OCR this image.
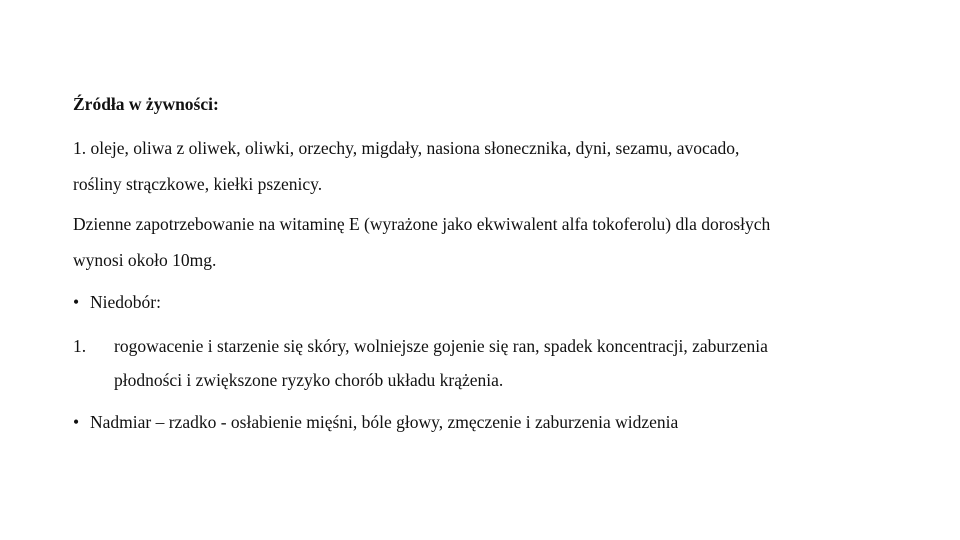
Źródła w żywności:
1. oleje, oliwa z oliwek, oliwki, orzechy, migdały, nasiona słonecznika, dyni, sezamu, avocado,
rośliny strączkowe, kiełki pszenicy.
Dzienne zapotrzebowanie na witaminę E (wyrażone jako ekwiwalent alfa tokoferolu) dla dorosłych
wynosi około 10mg.
• Niedobór:
1. rogowacenie i starzenie się skóry, wolniejsze gojenie się ran, spadek koncentracji, zaburzenia
płodności i zwiększone ryzyko chorób układu krążenia.
• Nadmiar – rzadko - osłabienie mięśni, bóle głowy, zmęczenie i zaburzenia widzenia
